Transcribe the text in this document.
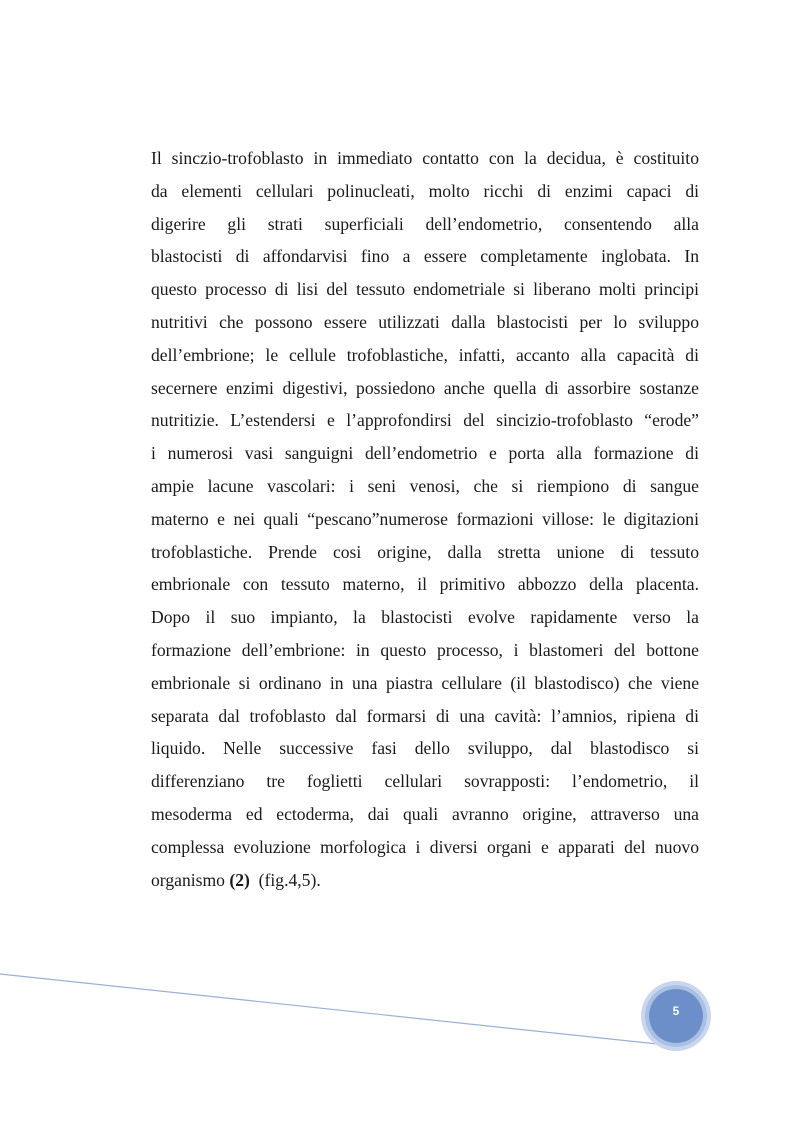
Il sinczio-trofoblasto in immediato contatto con la decidua, è costituito
da elementi cellulari polinucleati, molto ricchi di enzimi capaci di
digerire gli strati superficiali dell’endometrio, consentendo alla
blastocisti di affondarvisi fino a essere completamente inglobata. In
questo processo di lisi del tessuto endometriale si liberano molti principi
nutritivi che possono essere utilizzati dalla blastocisti per lo sviluppo
dell’embrione; le cellule trofoblastiche, infatti, accanto alla capacità di
secernere enzimi digestivi, possiedono anche quella di assorbire sostanze
nutritizie. L’estendersi e l’approfondirsi del sincizio-trofoblasto “erode”
i numerosi vasi sanguigni dell’endometrio e porta alla formazione di
ampie lacune vascolari: i seni venosi, che si riempiono di sangue
materno e nei quali “pescano”numerose formazioni villose: le digitazioni
trofoblastiche. Prende cosi origine, dalla stretta unione di tessuto
embrionale con tessuto materno, il primitivo abbozzo della placenta.
Dopo il suo impianto, la blastocisti evolve rapidamente verso la
formazione dell’embrione: in questo processo, i blastomeri del bottone
embrionale si ordinano in una piastra cellulare (il blastodisco) che viene
separata dal trofoblasto dal formarsi di una cavità: l’amnios, ripiena di
liquido. Nelle successive fasi dello sviluppo, dal blastodisco si
differenziano tre foglietti cellulari sovrapposti: l’endometrio, il
mesoderma ed ectoderma, dai quali avranno origine, attraverso una
complessa evoluzione morfologica i diversi organi e apparati del nuovo
organismo (2)  (fig.4,5).
5
